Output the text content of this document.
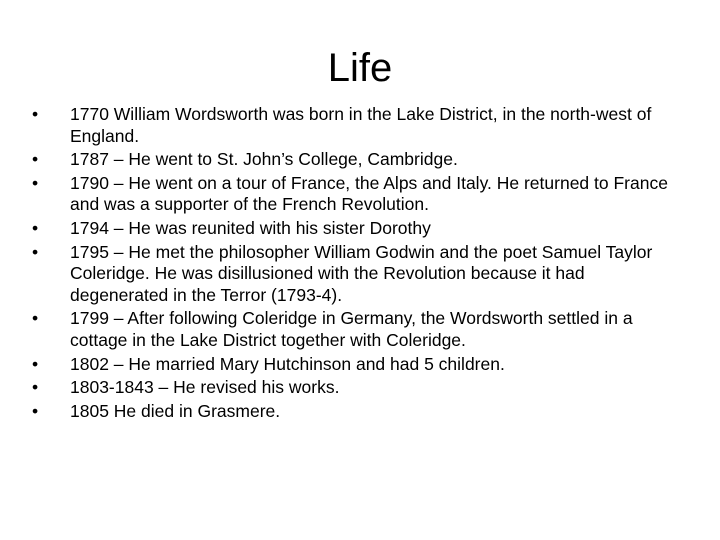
Life
•	1770 William Wordsworth was born in the Lake District, in the north-west of England.
•	1787 – He went to St. John’s College, Cambridge.
•	1790 – He went on a tour of France, the Alps and Italy. He returned to France and was a supporter of the French Revolution.
•	1794 – He was reunited with his sister Dorothy
•	1795 – He met the philosopher William Godwin and the poet Samuel Taylor Coleridge. He was disillusioned with the Revolution because it had degenerated in the Terror (1793-4).
•	1799 – After following Coleridge in Germany, the Wordsworth settled in a cottage in the Lake District together with Coleridge.
•	1802 – He married Mary Hutchinson and had 5 children.
•	1803-1843 – He revised his works.
•	1805 He died in Grasmere.
